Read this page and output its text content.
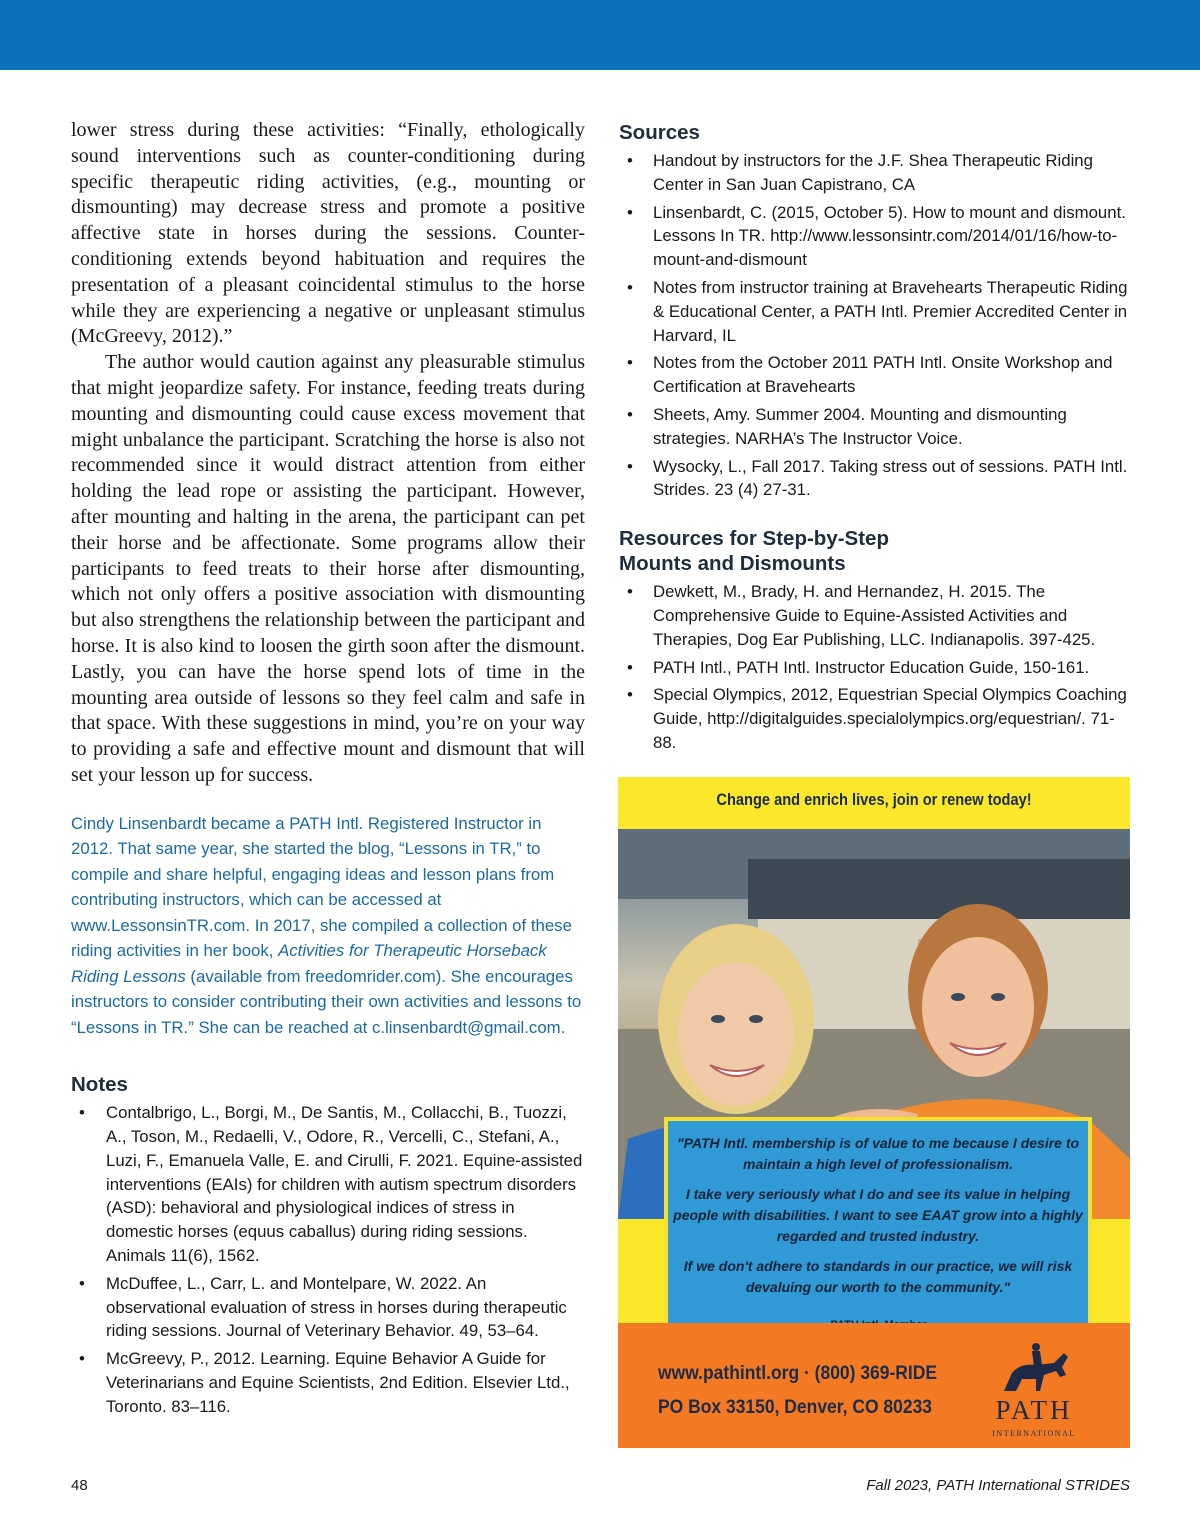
lower stress during these activities: “Finally, ethologically sound interventions such as counter-conditioning during specific therapeutic riding activities, (e.g., mounting or dismounting) may decrease stress and promote a positive affective state in horses during the sessions. Counter-conditioning extends beyond habituation and requires the presentation of a pleasant coincidental stimulus to the horse while they are experiencing a negative or unpleasant stimulus (McGreevy, 2012).”

The author would caution against any pleasurable stimulus that might jeopardize safety. For instance, feeding treats during mounting and dismounting could cause excess movement that might unbalance the participant. Scratching the horse is also not recommended since it would distract attention from either holding the lead rope or assisting the participant. However, after mounting and halting in the arena, the participant can pet their horse and be affectionate. Some programs allow their participants to feed treats to their horse after dismounting, which not only offers a positive association with dismounting but also strengthens the relationship between the participant and horse. It is also kind to loosen the girth soon after the dismount. Lastly, you can have the horse spend lots of time in the mounting area outside of lessons so they feel calm and safe in that space. With these suggestions in mind, you’re on your way to providing a safe and effective mount and dismount that will set your lesson up for success.

Cindy Linsenbardt became a PATH Intl. Registered Instructor in 2012. That same year, she started the blog, “Lessons in TR,” to compile and share helpful, engaging ideas and lesson plans from contributing instructors, which can be accessed at www.LessonsinTR.com. In 2017, she compiled a collection of these riding activities in her book, Activities for Therapeutic Horseback Riding Lessons (available from freedomrider.com). She encourages instructors to consider contributing their own activities and lessons to “Lessons in TR.” She can be reached at c.linsenbardt@gmail.com.
Notes
• Contalbrigo, L., Borgi, M., De Santis, M., Collacchi, B., Tuozzi, A., Toson, M., Redaelli, V., Odore, R., Vercelli, C., Stefani, A., Luzi, F., Emanuela Valle, E. and Cirulli, F. 2021. Equine-assisted interventions (EAIs) for children with autism spectrum disorders (ASD): behavioral and physiological indices of stress in domestic horses (equus caballus) during riding sessions. Animals 11(6), 1562.
• McDuffee, L., Carr, L. and Montelpare, W. 2022. An observational evaluation of stress in horses during therapeutic riding sessions. Journal of Veterinary Behavior. 49, 53–64.
• McGreevy, P., 2012. Learning. Equine Behavior A Guide for Veterinarians and Equine Scientists, 2nd Edition. Elsevier Ltd., Toronto. 83–116.
Sources
• Handout by instructors for the J.F. Shea Therapeutic Riding Center in San Juan Capistrano, CA
• Linsenbardt, C. (2015, October 5). How to mount and dismount. Lessons In TR. http://www.lessonsintr.com/2014/01/16/how-to-mount-and-dismount
• Notes from instructor training at Bravehearts Therapeutic Riding & Educational Center, a PATH Intl. Premier Accredited Center in Harvard, IL
• Notes from the October 2011 PATH Intl. Onsite Workshop and Certification at Bravehearts
• Sheets, Amy. Summer 2004. Mounting and dismounting strategies. NARHA’s The Instructor Voice.
• Wysocky, L., Fall 2017. Taking stress out of sessions. PATH Intl. Strides. 23 (4) 27-31.
Resources for Step-by-Step
Mounts and Dismounts
• Dewkett, M., Brady, H. and Hernandez, H. 2015. The Comprehensive Guide to Equine-Assisted Activities and Therapies, Dog Ear Publishing, LLC. Indianapolis. 397-425.
• PATH Intl., PATH Intl. Instructor Education Guide, 150-161.
• Special Olympics, 2012, Equestrian Special Olympics Coaching Guide, http://digitalguides.specialolympics.org/equestrian/. 71-88.
Change and enrich lives, join or renew today!

"PATH Intl. membership is of value to me because I desire to maintain a high level of professionalism.

I take very seriously what I do and see its value in helping people with disabilities. I want to see EAAT grow into a highly regarded and trusted industry.

If we don't adhere to standards in our practice, we will risk devaluing our worth to the community."

www.pathintl.org · (800) 369-RIDE
PO Box 33150, Denver, CO 80233	PATH
INTERNATIONAL
48	Fall 2023, PATH International STRIDES
